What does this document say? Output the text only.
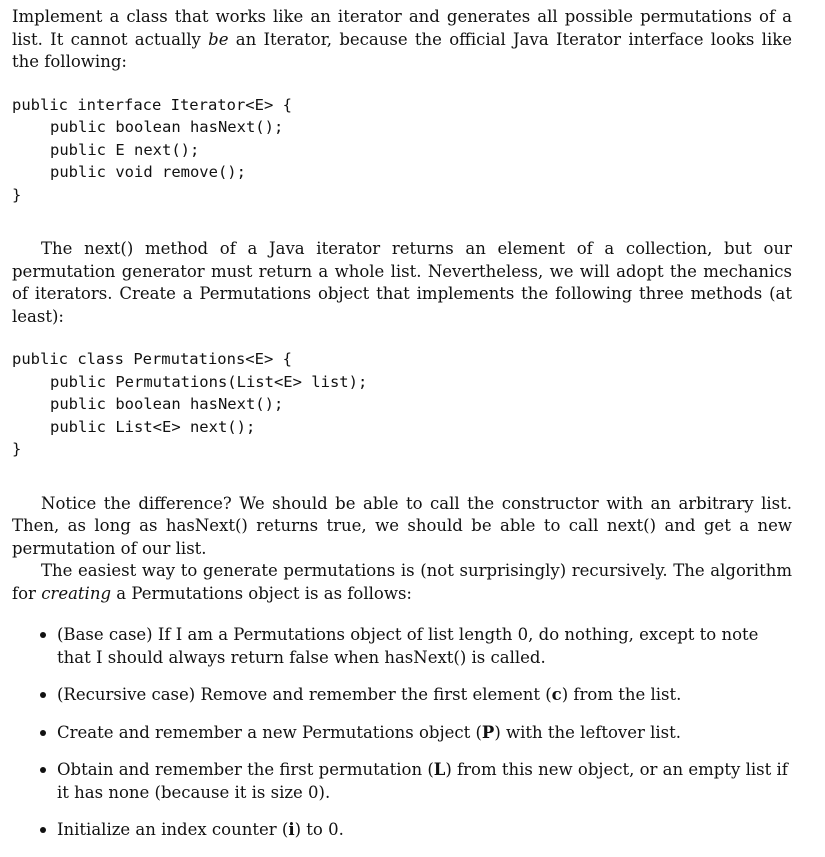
Implement a class that works like an iterator and generates all possible permutations of a list. It cannot actually be an Iterator, because the official Java Iterator interface looks like the following:

public interface Iterator<E> {
public boolean hasNext();
public E next();
public void remove();
}

The next() method of a Java iterator returns an element of a collection, but our permutation generator must return a whole list. Nevertheless, we will adopt the mechanics of iterators. Create a Permutations object that implements the following three methods (at least):

public class Permutations<E> {
public Permutations(List<E> list);
public boolean hasNext();
public List<E> next();
}

Notice the difference? We should be able to call the constructor with an arbitrary list. Then, as long as hasNext() returns true, we should be able to call next() and get a new permutation of our list.

The easiest way to generate permutations is (not surprisingly) recursively. The algorithm for creating a Permutations object is as follows:

(Base case) If I am a Permutations object of list length 0, do nothing, except to note that I should always return false when hasNext() is called.
(Recursive case) Remove and remember the first element (c) from the list.
Create and remember a new Permutations object (P) with the leftover list.
Obtain and remember the first permutation (L) from this new object, or an empty list if it has none (because it is size 0).
Initialize an index counter (i) to 0.
